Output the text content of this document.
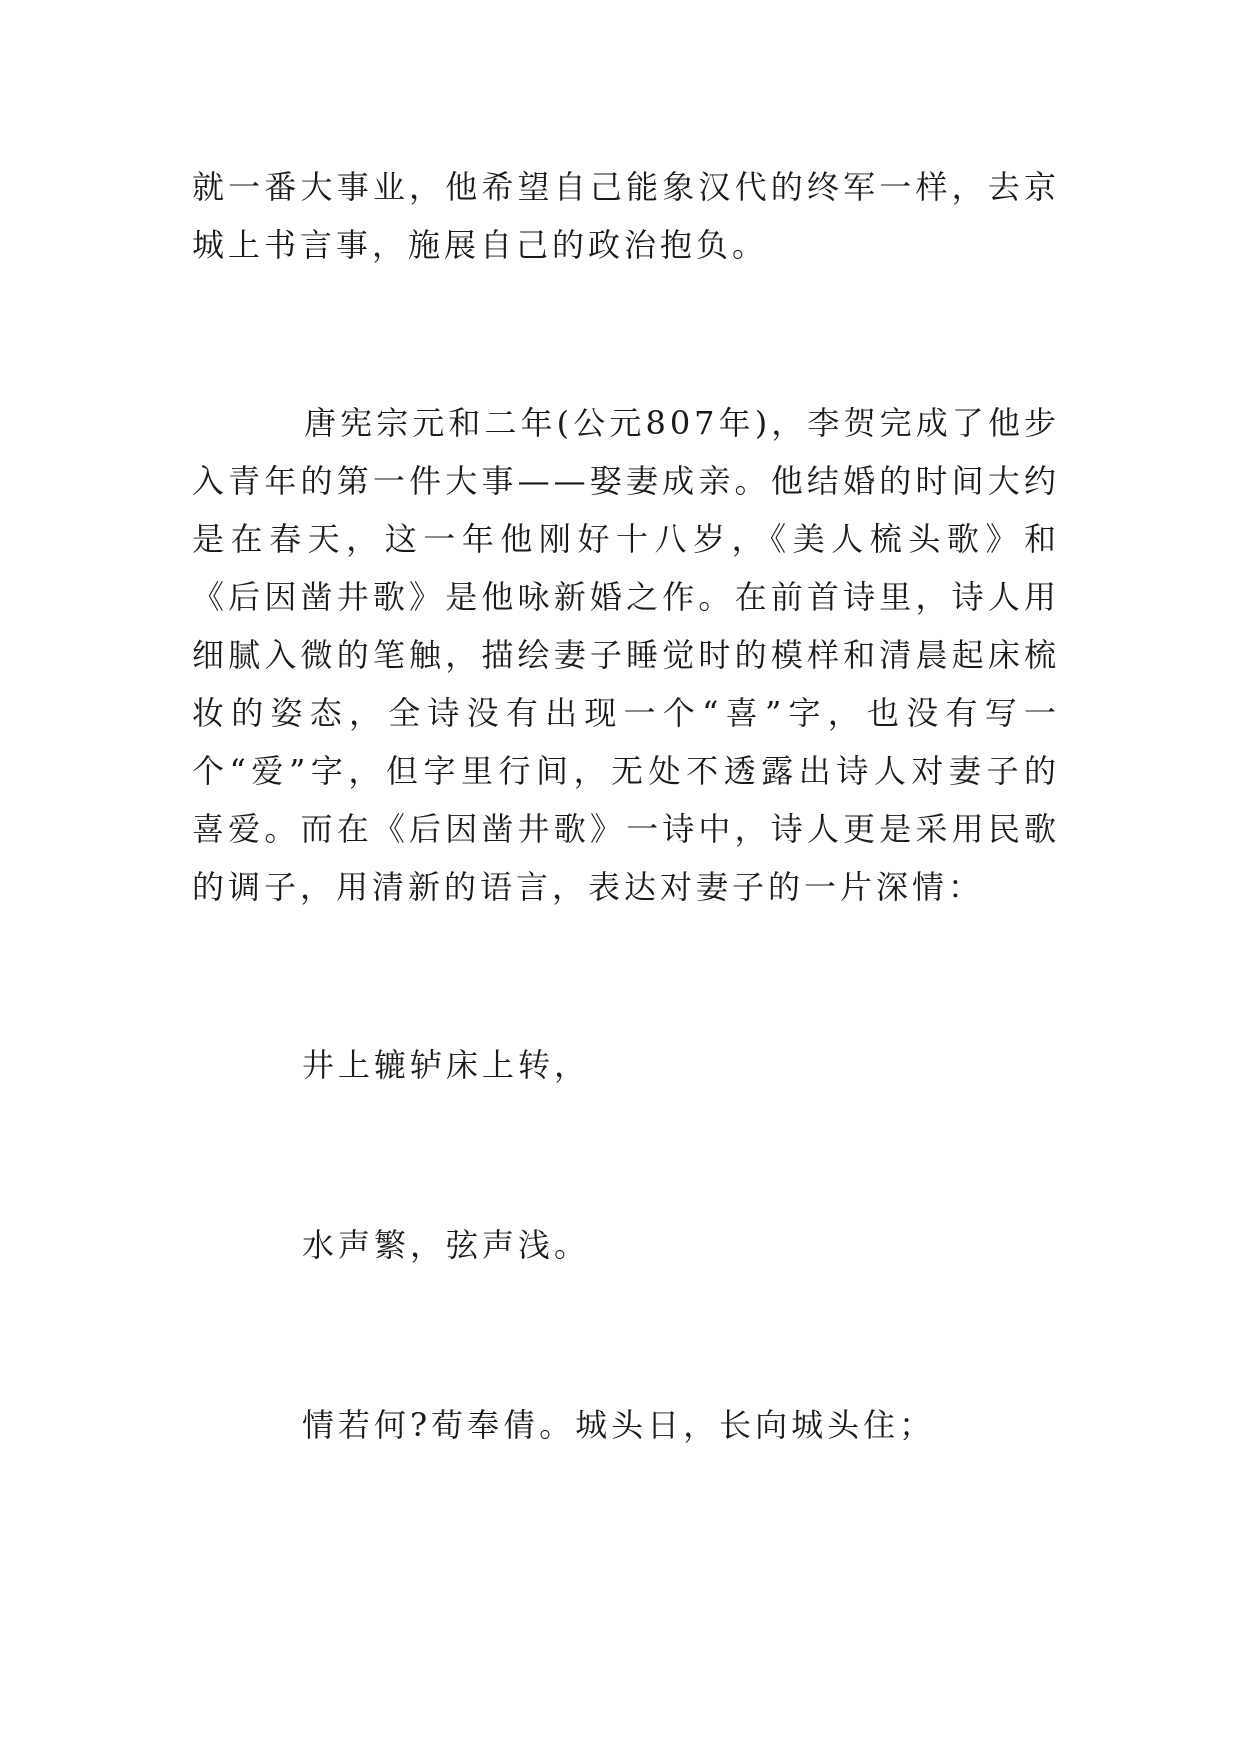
就一番大事业，他希望自己能象汉代的终军一样，去京城上书言事，施展自己的政治抱负。

唐宪宗元和二年(公元807年)，李贺完成了他步入青年的第一件大事——娶妻成亲。他结婚的时间大约是在春天，这一年他刚好十八岁，《美人梳头歌》和《后因凿井歌》是他咏新婚之作。在前首诗里，诗人用细腻入微的笔触，描绘妻子睡觉时的模样和清晨起床梳妆的姿态，全诗没有出现一个“喜”字，也没有写一个“爱”字，但字里行间，无处不透露出诗人对妻子的喜爱。而在《后因凿井歌》一诗中，诗人更是采用民歌的调子，用清新的语言，表达对妻子的一片深情：

井上辘轳床上转，

水声繁，弦声浅。

情若何?荀奉倩。城头日，长向城头住；
